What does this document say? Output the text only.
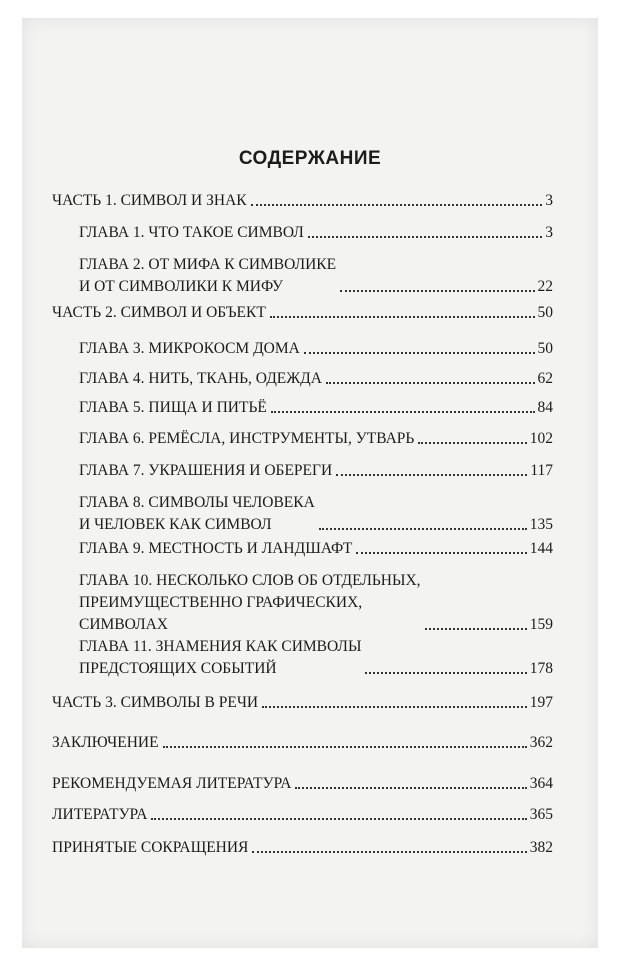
СОДЕРЖАНИЕ
ЧАСТЬ 1. СИМВОЛ И ЗНАК	3
ГЛАВА 1. ЧТО ТАКОЕ СИМВОЛ	3
ГЛАВА 2. ОТ МИФА К СИМВОЛИКЕ
И ОТ СИМВОЛИКИ К МИФУ	22
ЧАСТЬ 2. СИМВОЛ И ОБЪЕКТ	50
ГЛАВА 3. МИКРОКОСМ ДОМА	50
ГЛАВА 4. НИТЬ, ТКАНЬ, ОДЕЖДА	62
ГЛАВА 5. ПИЩА И ПИТЬЁ	84
ГЛАВА 6. РЕМЁСЛА, ИНСТРУМЕНТЫ, УТВАРЬ	102
ГЛАВА 7. УКРАШЕНИЯ И ОБЕРЕГИ	117
ГЛАВА 8. СИМВОЛЫ ЧЕЛОВЕКА
И ЧЕЛОВЕК КАК СИМВОЛ	135
ГЛАВА 9. МЕСТНОСТЬ И ЛАНДШАФТ	144
ГЛАВА 10. НЕСКОЛЬКО СЛОВ ОБ ОТДЕЛЬНЫХ,
ПРЕИМУЩЕСТВЕННО ГРАФИЧЕСКИХ,
СИМВОЛАХ	159
ГЛАВА 11. ЗНАМЕНИЯ КАК СИМВОЛЫ
ПРЕДСТОЯЩИХ СОБЫТИЙ	178
ЧАСТЬ 3. СИМВОЛЫ В РЕЧИ	197
ЗАКЛЮЧЕНИЕ	362
РЕКОМЕНДУЕМАЯ ЛИТЕРАТУРА	364
ЛИТЕРАТУРА	365
ПРИНЯТЫЕ СОКРАЩЕНИЯ	382
